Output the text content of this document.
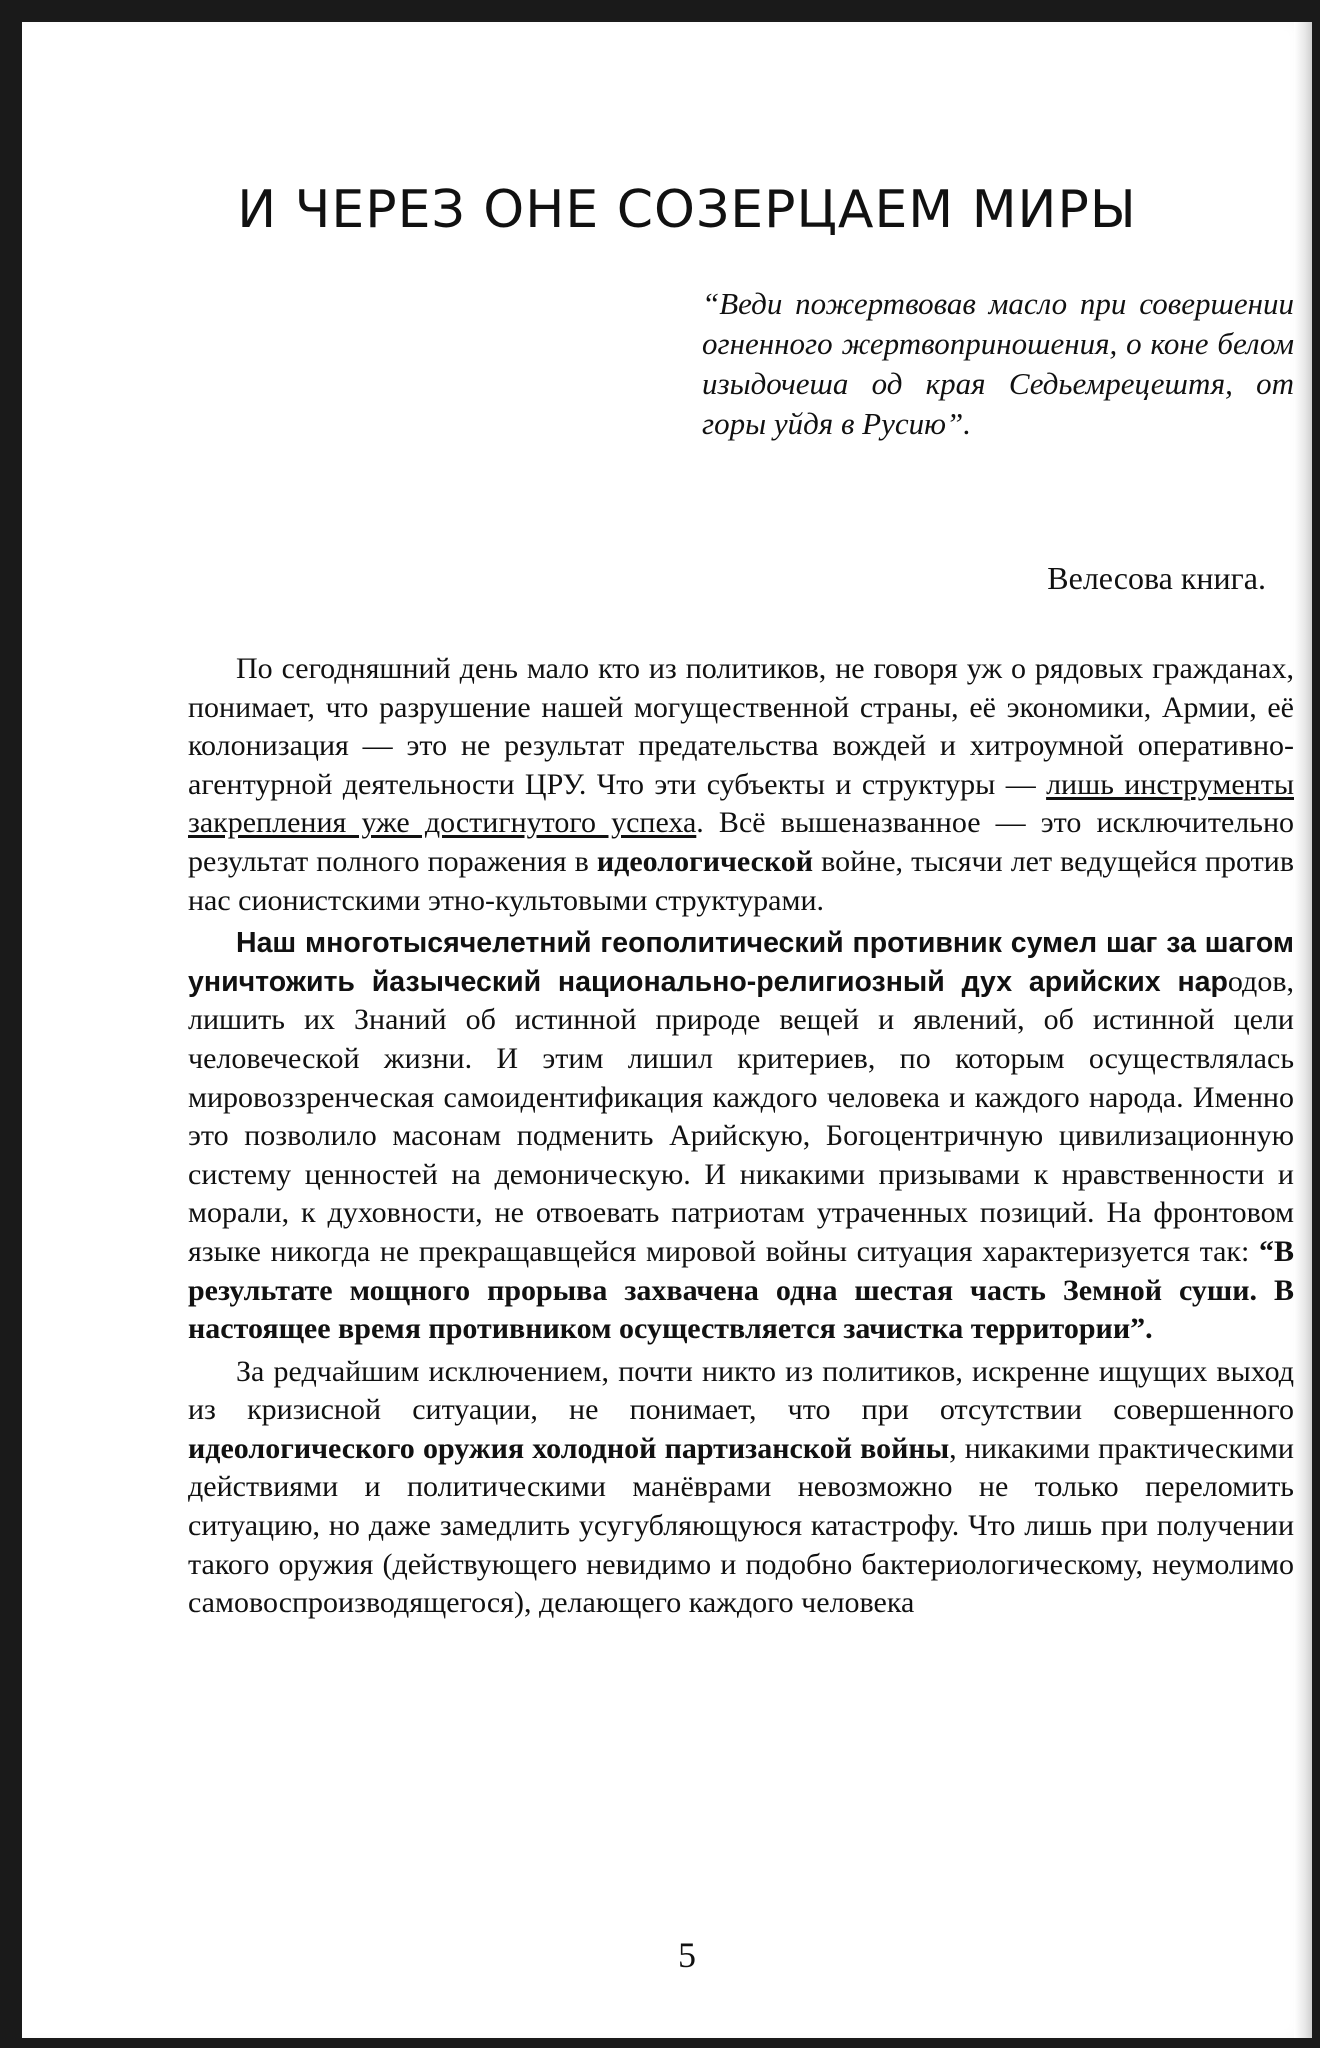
И ЧЕРЕЗ ОНЕ СОЗЕРЦАЕМ МИРЫ
“Веди пожертвовав масло при совершении огненного жертвоприношения, о коне белом изыдочеша од края Седьемрецештя, от горы уйдя в Русию”.
Велесова книга.

По сегодняшний день мало кто из политиков, не говоря уж о рядовых гражданах, понимает, что разрушение нашей могущественной страны, её экономики, Армии, её колонизация — это не результат предательства вождей и хитроумной оперативно-агентурной деятельности ЦРУ. Что эти субъекты и структуры — лишь инструменты закрепления уже достигнутого успеха. Всё вышеназванное — это исключительно результат полного поражения в идеологической войне, тысячи лет ведущейся против нас сионистскими этно-культовыми структурами.

Наш многотысячелетний геополитический противник сумел шаг за шагом уничтожить йазыческий национально-религиозный дух арийских народов, лишить их Знаний об истинной природе вещей и явлений, об истинной цели человеческой жизни. И этим лишил критериев, по которым осуществлялась мировоззренческая самоидентификация каждого человека и каждого народа. Именно это позволило масонам подменить Арийскую, Богоцентричную цивилизационную систему ценностей на демоническую. И никакими призывами к нравственности и морали, к духовности, не отвоевать патриотам утраченных позиций. На фронтовом языке никогда не прекращавщейся мировой войны ситуация характеризуется так: “В результате мощного прорыва захвачена одна шестая часть Земной суши. В настоящее время противником осуществляется зачистка территории”.

За редчайшим исключением, почти никто из политиков, искренне ищущих выход из кризисной ситуации, не понимает, что при отсутствии совершенного идеологического оружия холодной партизанской войны, никакими практическими действиями и политическими манёврами невозможно не только переломить ситуацию, но даже замедлить усугубляющуюся катастрофу. Что лишь при получении такого оружия (действующего невидимо и подобно бактериологическому, неумолимо самовоспроизводящегося), делающего каждого человека

5
